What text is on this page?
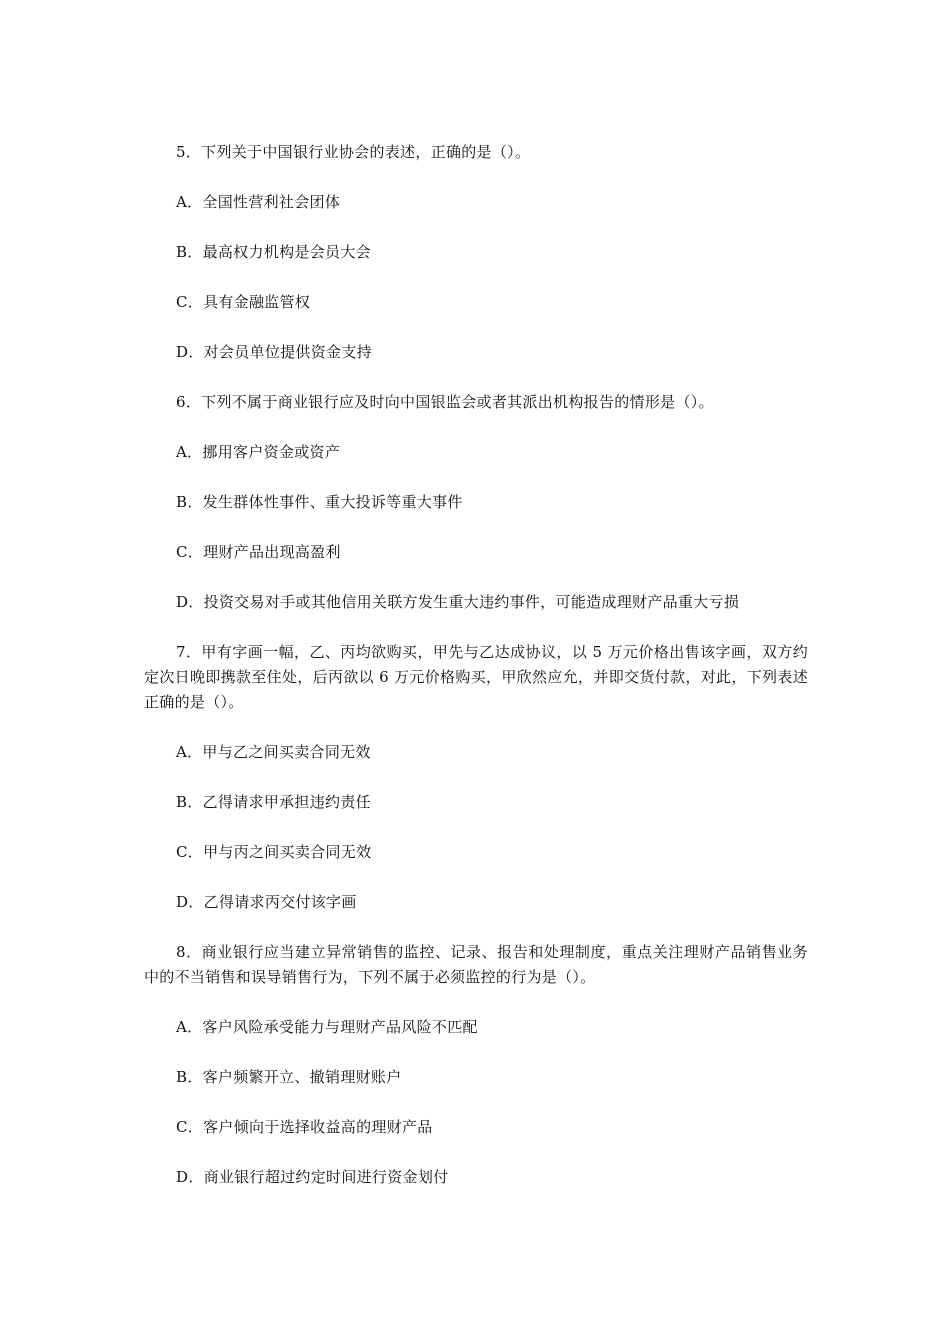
5．下列关于中国银行业协会的表述，正确的是（）。

A．全国性营利社会团体

B．最高权力机构是会员大会

C．具有金融监管权

D．对会员单位提供资金支持

6．下列不属于商业银行应及时向中国银监会或者其派出机构报告的情形是（）。

A．挪用客户资金或资产

B．发生群体性事件、重大投诉等重大事件

C．理财产品出现高盈利

D．投资交易对手或其他信用关联方发生重大违约事件，可能造成理财产品重大亏损

7．甲有字画一幅，乙、丙均欲购买，甲先与乙达成协议，以 5 万元价格出售该字画，双方约定次日晚即携款至住处，后丙欲以 6 万元价格购买，甲欣然应允，并即交货付款，对此，下列表述正确的是（）。

A．甲与乙之间买卖合同无效

B．乙得请求甲承担违约责任

C．甲与丙之间买卖合同无效

D．乙得请求丙交付该字画

8．商业银行应当建立异常销售的监控、记录、报告和处理制度，重点关注理财产品销售业务中的不当销售和误导销售行为，下列不属于必须监控的行为是（）。

A．客户风险承受能力与理财产品风险不匹配

B．客户频繁开立、撤销理财账户

C．客户倾向于选择收益高的理财产品

D．商业银行超过约定时间进行资金划付
